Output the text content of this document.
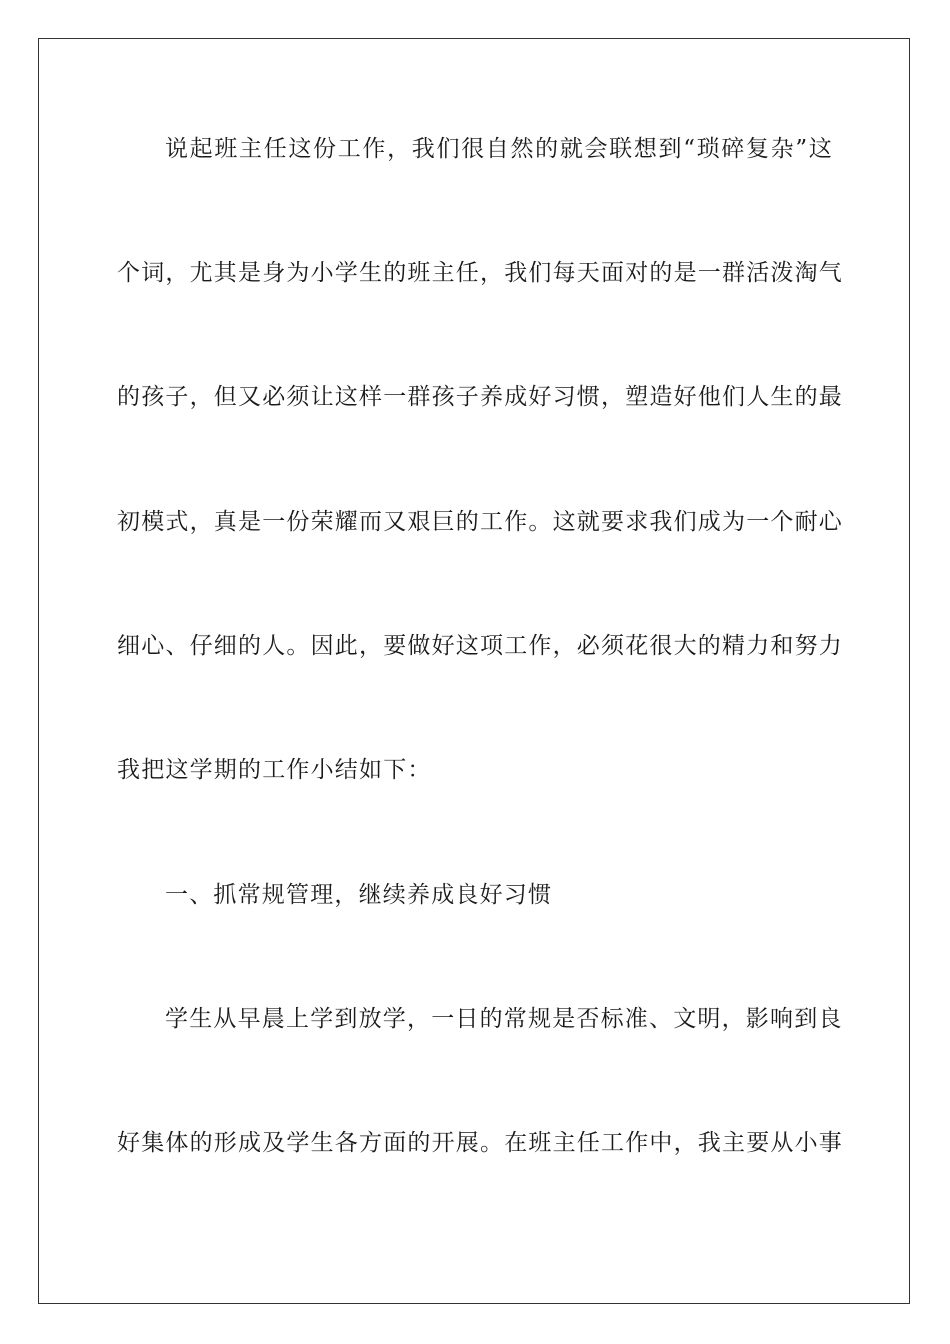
说起班主任这份工作，我们很自然的就会联想到“琐碎复杂”这
个词，尤其是身为小学生的班主任，我们每天面对的是一群活泼淘气
的孩子，但又必须让这样一群孩子养成好习惯，塑造好他们人生的最
初模式，真是一份荣耀而又艰巨的工作。这就要求我们成为一个耐心
细心、仔细的人。因此，要做好这项工作，必须花很大的精力和努力
我把这学期的工作小结如下：
一、抓常规管理，继续养成良好习惯
学生从早晨上学到放学，一日的常规是否标准、文明，影响到良
好集体的形成及学生各方面的开展。在班主任工作中，我主要从小事
